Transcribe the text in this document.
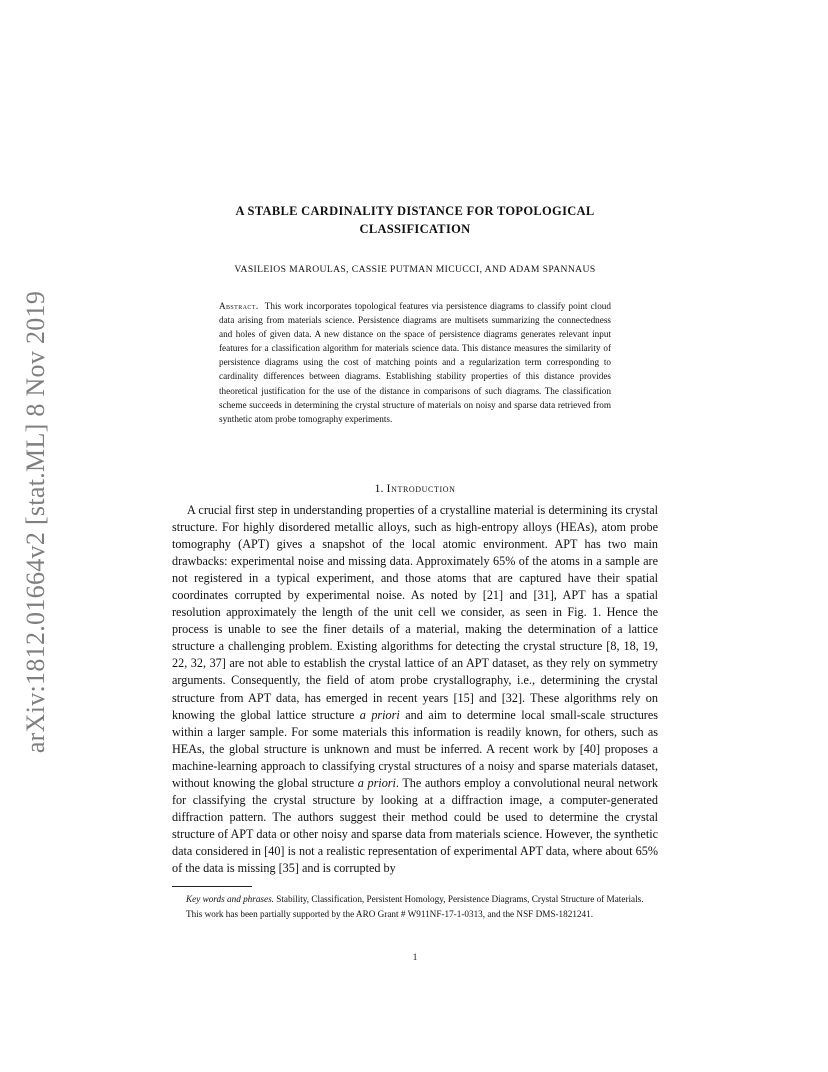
arXiv:1812.01664v2 [stat.ML] 8 Nov 2019
A STABLE CARDINALITY DISTANCE FOR TOPOLOGICAL
CLASSIFICATION
VASILEIOS MAROULAS, CASSIE PUTMAN MICUCCI, AND ADAM SPANNAUS

Abstract. This work incorporates topological features via persistence diagrams to classify point cloud data arising from materials science. Persistence diagrams are multisets summarizing the connectedness and holes of given data. A new distance on the space of persistence diagrams generates relevant input features for a classification algorithm for materials science data. This distance measures the similarity of persistence diagrams using the cost of matching points and a regularization term corresponding to cardinality differences between diagrams. Establishing stability properties of this distance provides theoretical justification for the use of the distance in comparisons of such diagrams. The classification scheme succeeds in determining the crystal structure of materials on noisy and sparse data retrieved from synthetic atom probe tomography experiments.

1. Introduction

A crucial first step in understanding properties of a crystalline material is determining its crystal structure. For highly disordered metallic alloys, such as high-entropy alloys (HEAs), atom probe tomography (APT) gives a snapshot of the local atomic environment. APT has two main drawbacks: experimental noise and missing data. Approximately 65% of the atoms in a sample are not registered in a typical experiment, and those atoms that are captured have their spatial coordinates corrupted by experimental noise. As noted by [21] and [31], APT has a spatial resolution approximately the length of the unit cell we consider, as seen in Fig. 1. Hence the process is unable to see the finer details of a material, making the determination of a lattice structure a challenging problem. Existing algorithms for detecting the crystal structure [8, 18, 19, 22, 32, 37] are not able to establish the crystal lattice of an APT dataset, as they rely on symmetry arguments. Consequently, the field of atom probe crystallography, i.e., determining the crystal structure from APT data, has emerged in recent years [15] and [32]. These algorithms rely on knowing the global lattice structure a priori and aim to determine local small-scale structures within a larger sample. For some materials this information is readily known, for others, such as HEAs, the global structure is unknown and must be inferred. A recent work by [40] proposes a machine-learning approach to classifying crystal structures of a noisy and sparse materials dataset, without knowing the global structure a priori. The authors employ a convolutional neural network for classifying the crystal structure by looking at a diffraction image, a computer-generated diffraction pattern. The authors suggest their method could be used to determine the crystal structure of APT data or other noisy and sparse data from materials science. However, the synthetic data considered in [40] is not a realistic representation of experimental APT data, where about 65% of the data is missing [35] and is corrupted by

Key words and phrases. Stability, Classification, Persistent Homology, Persistence Diagrams, Crystal Structure of Materials.

This work has been partially supported by the ARO Grant # W911NF-17-1-0313, and the NSF DMS-1821241.

1
